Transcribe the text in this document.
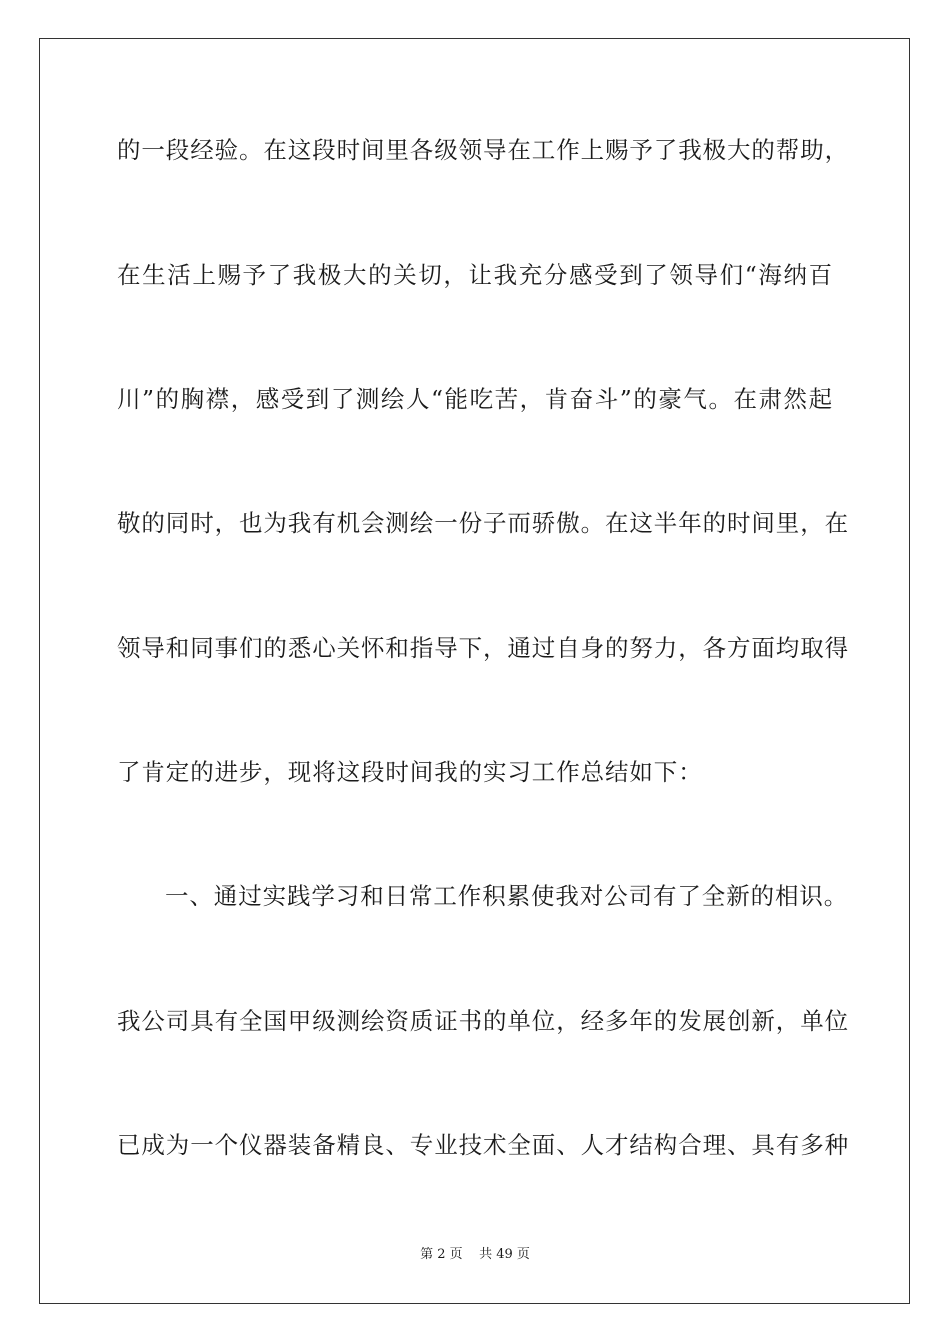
的一段经验。在这段时间里各级领导在工作上赐予了我极大的帮助，
在生活上赐予了我极大的关切，让我充分感受到了领导们“海纳百
川”的胸襟，感受到了测绘人“能吃苦，肯奋斗”的豪气。在肃然起
敬的同时，也为我有机会测绘一份子而骄傲。在这半年的时间里，在
领导和同事们的悉心关怀和指导下，通过自身的努力，各方面均取得
了肯定的进步，现将这段时间我的实习工作总结如下：
一、通过实践学习和日常工作积累使我对公司有了全新的相识。
我公司具有全国甲级测绘资质证书的单位，经多年的发展创新，单位
已成为一个仪器装备精良、专业技术全面、人才结构合理、具有多种
第 2 页    共 49 页
